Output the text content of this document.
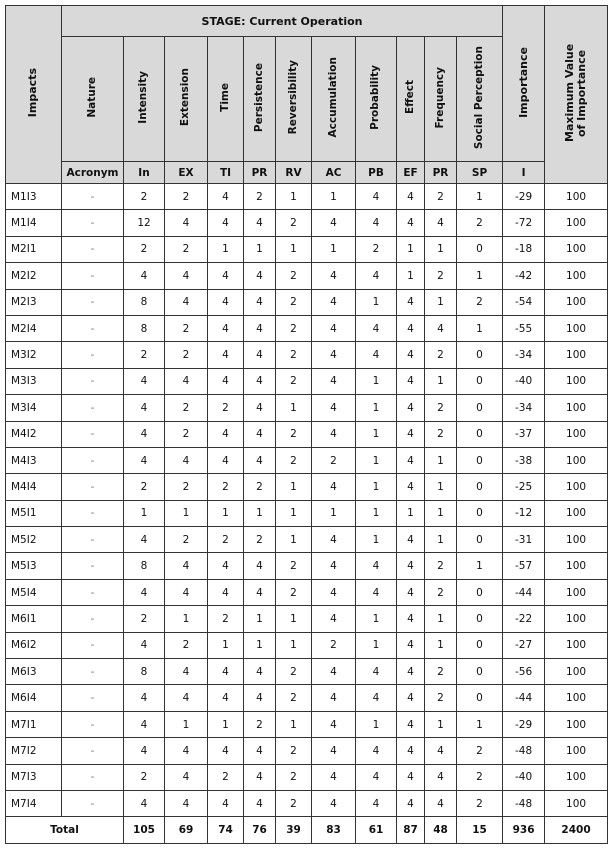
Impacts	STAGE: Current Operation											Importance	Maximum Value of Importance
	Nature	Intensity	Extension	Time	Persistence	Reversibility	Accumulation	Probability	Effect	Frequency	Social Perception		
	Acronym	In	EX	TI	PR	RV	AC	PB	EF	PR	SP	I	
M1I3	-	2	2	4	2	1	1	4	4	2	1	-29	100
M1I4	-	12	4	4	4	2	4	4	4	4	2	-72	100
M2I1	-	2	2	1	1	1	1	2	1	1	0	-18	100
M2I2	-	4	4	4	4	2	4	4	1	2	1	-42	100
M2I3	-	8	4	4	4	2	4	1	4	1	2	-54	100
M2I4	-	8	2	4	4	2	4	4	4	4	1	-55	100
M3I2	-	2	2	4	4	2	4	4	4	2	0	-34	100
M3I3	-	4	4	4	4	2	4	1	4	1	0	-40	100
M3I4	-	4	2	2	4	1	4	1	4	2	0	-34	100
M4I2	-	4	2	4	4	2	4	1	4	2	0	-37	100
M4I3	-	4	4	4	4	2	2	1	4	1	0	-38	100
M4I4	-	2	2	2	2	1	4	1	4	1	0	-25	100
M5I1	-	1	1	1	1	1	1	1	1	1	0	-12	100
M5I2	-	4	2	2	2	1	4	1	4	1	0	-31	100
M5I3	-	8	4	4	4	2	4	4	4	2	1	-57	100
M5I4	-	4	4	4	4	2	4	4	4	2	0	-44	100
M6I1	-	2	1	2	1	1	4	1	4	1	0	-22	100
M6I2	-	4	2	1	1	1	2	1	4	1	0	-27	100
M6I3	-	8	4	4	4	2	4	4	4	2	0	-56	100
M6I4	-	4	4	4	4	2	4	4	4	2	0	-44	100
M7I1	-	4	1	1	2	1	4	1	4	1	1	-29	100
M7I2	-	4	4	4	4	2	4	4	4	4	2	-48	100
M7I3	-	2	4	2	4	2	4	4	4	4	2	-40	100
M7I4	-	4	4	4	4	2	4	4	4	4	2	-48	100
Total		105	69	74	76	39	83	61	87	48	15	936	2400
